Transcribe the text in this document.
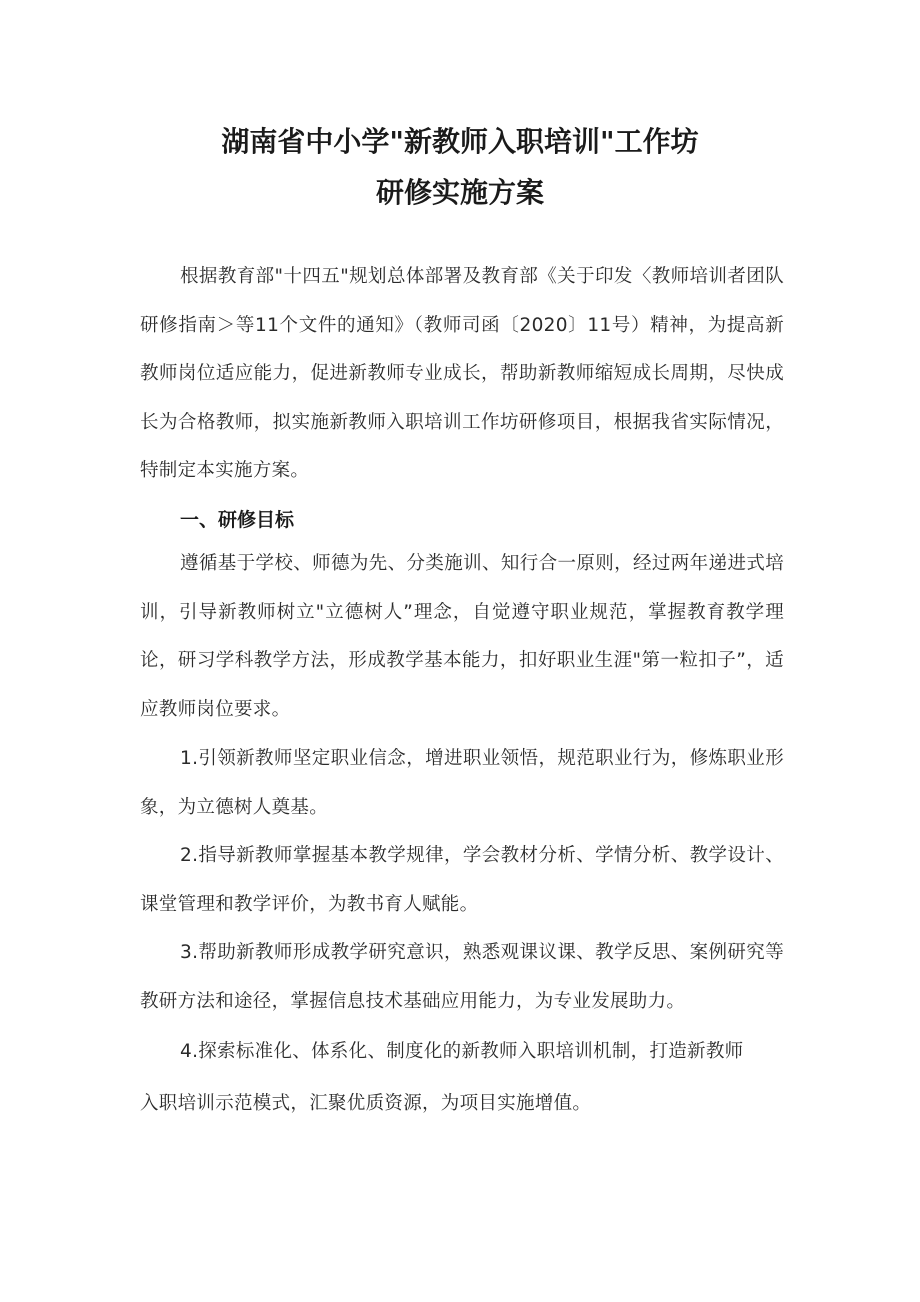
湖南省中小学"新教师入职培训"工作坊
研修实施方案

根据教育部"十四五"规划总体部署及教育部《关于印发〈教师培训者团队研修指南＞等11个文件的通知》（教师司函〔2020〕11号）精神，为提高新教师岗位适应能力，促进新教师专业成长，帮助新教师缩短成长周期，尽快成长为合格教师，拟实施新教师入职培训工作坊研修项目，根据我省实际情况，特制定本实施方案。

一、研修目标

遵循基于学校、师德为先、分类施训、知行合一原则，经过两年递进式培训，引导新教师树立"立德树人”理念，自觉遵守职业规范，掌握教育教学理论，研习学科教学方法，形成教学基本能力，扣好职业生涯"第一粒扣子”，适应教师岗位要求。

1.引领新教师坚定职业信念，增进职业领悟，规范职业行为，修炼职业形象，为立德树人奠基。

2.指导新教师掌握基本教学规律，学会教材分析、学情分析、教学设计、课堂管理和教学评价，为教书育人赋能。

3.帮助新教师形成教学研究意识，熟悉观课议课、教学反思、案例研究等教研方法和途径，掌握信息技术基础应用能力，为专业发展助力。

4.探索标准化、体系化、制度化的新教师入职培训机制，打造新教师入职培训示范模式，汇聚优质资源，为项目实施增值。
